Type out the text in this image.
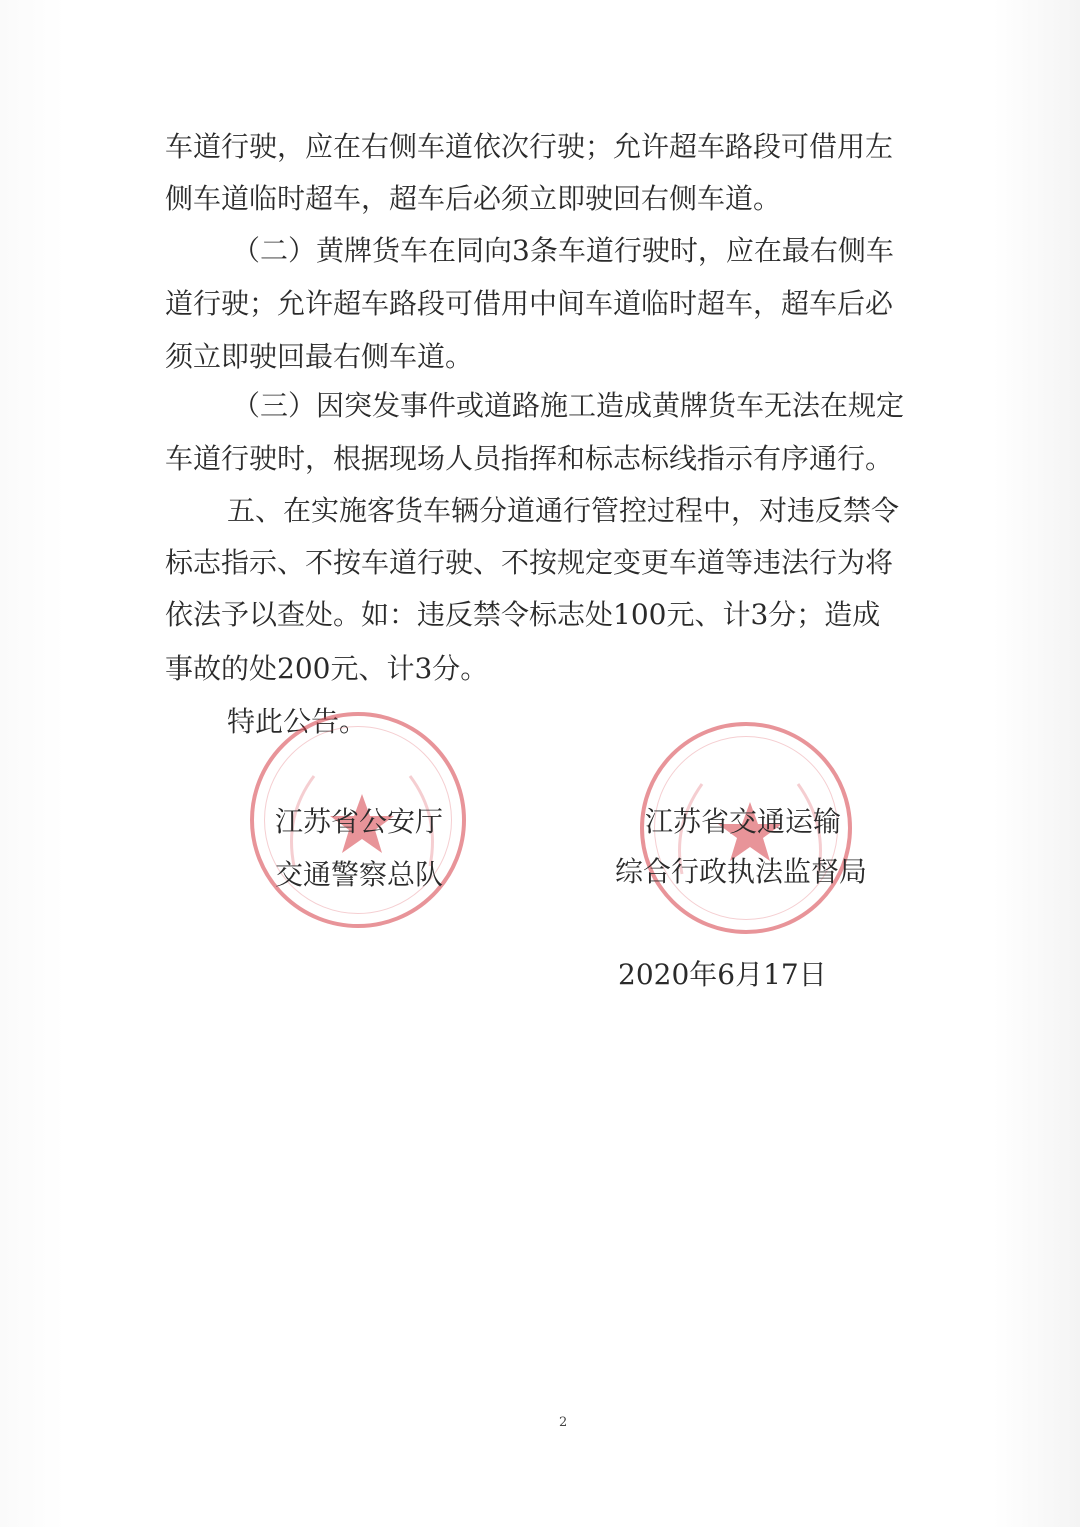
车道行驶，应在右侧车道依次行驶；允许超车路段可借用左
侧车道临时超车，超车后必须立即驶回右侧车道。
（二）黄牌货车在同向3条车道行驶时，应在最右侧车
道行驶；允许超车路段可借用中间车道临时超车，超车后必
须立即驶回最右侧车道。
（三）因突发事件或道路施工造成黄牌货车无法在规定
车道行驶时，根据现场人员指挥和标志标线指示有序通行。
五、在实施客货车辆分道通行管控过程中，对违反禁令
标志指示、不按车道行驶、不按规定变更车道等违法行为将
依法予以查处。如：违反禁令标志处100元、计3分；造成
事故的处200元、计3分。
特此公告。
江苏省公安厅
交通警察总队
江苏省交通运输
综合行政执法监督局
2020年6月17日
2
